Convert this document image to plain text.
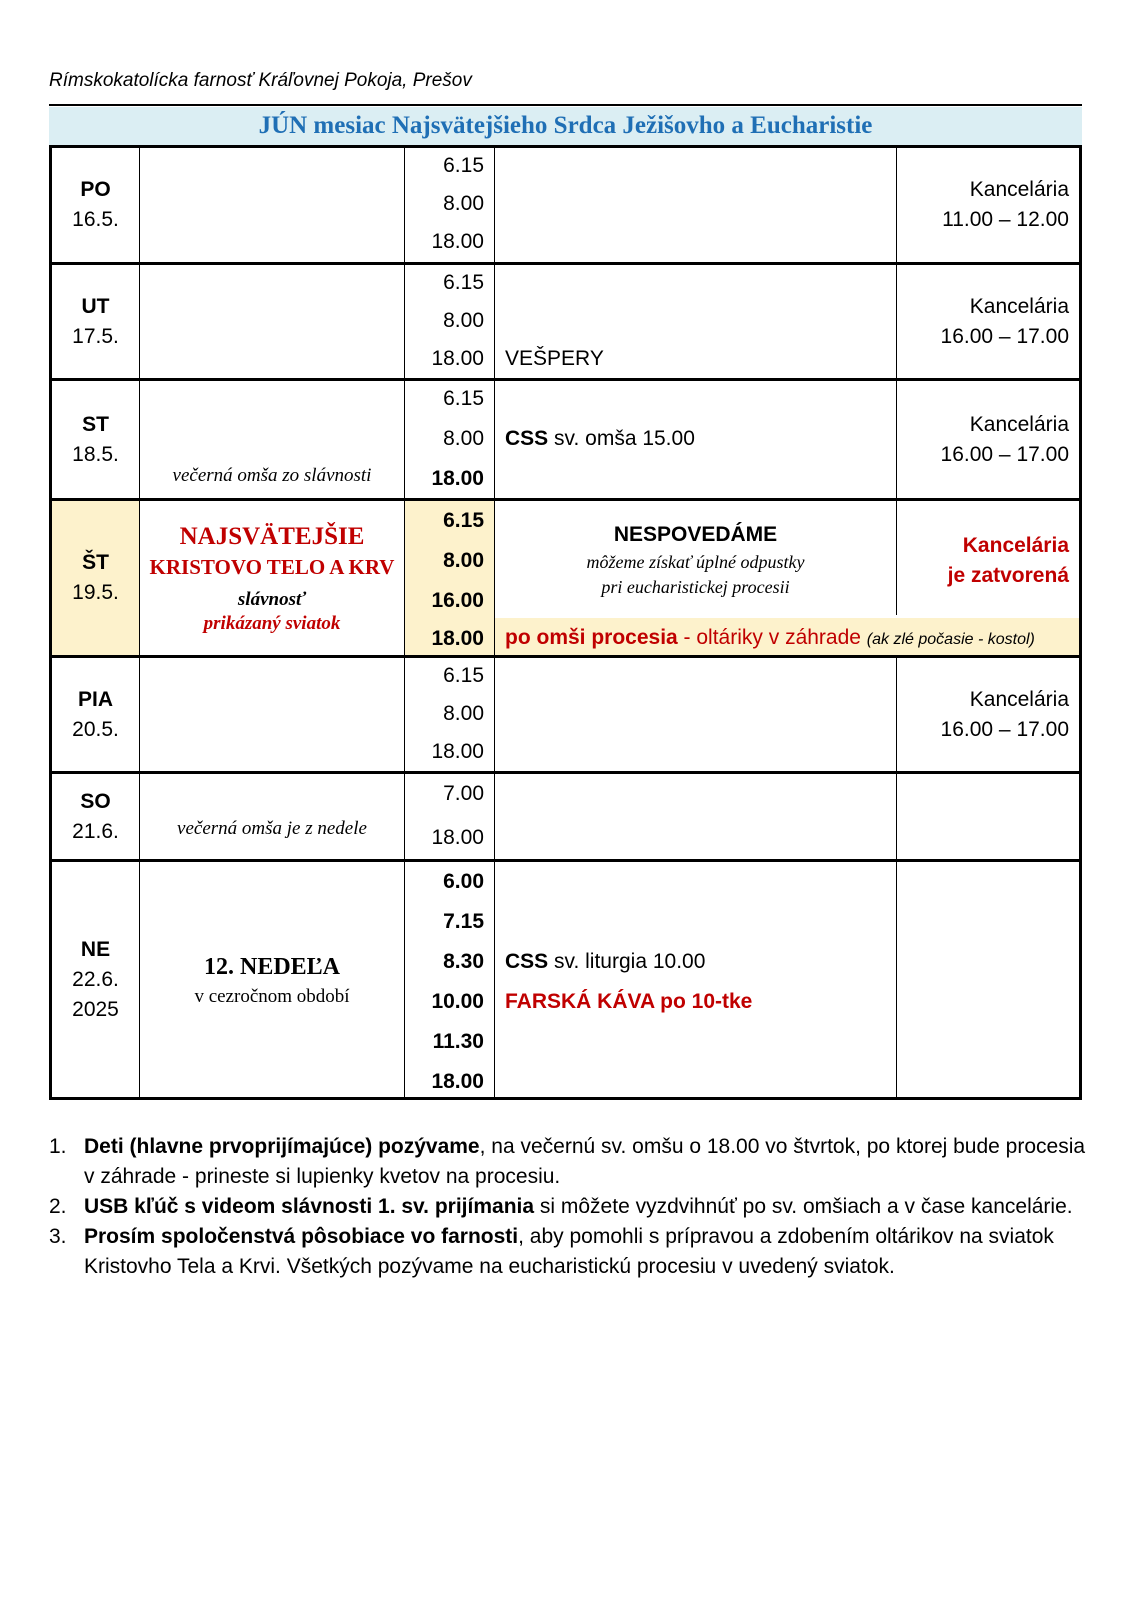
Rímskokatolícka farnosť Kráľovnej Pokoja, Prešov
JÚN mesiac Najsvätejšieho Srdca Ježišovho a Eucharistie
PO
16.5.
6.15
8.00
18.00
Kancelária
11.00 – 12.00
UT
17.5.
6.15
8.00
18.00 VEŠPERY
Kancelária
16.00 – 17.00
ST
18.5.
večerná omša zo slávnosti
6.15
8.00
18.00
CSS sv. omša 15.00
Kancelária
16.00 – 17.00
ŠT
19.5.
NAJSVÄTEJŠIE
KRISTOVO TELO A KRV
slávnosť
prikázaný sviatok
6.15
8.00
16.00
18.00
NESPOVEDÁME
môžeme získať úplné odpustky
pri eucharistickej procesii
Kancelária
je zatvorená
po omši procesia - oltáriky v záhrade (ak zlé počasie - kostol)
PIA
20.5.
6.15
8.00
18.00
Kancelária
16.00 – 17.00
SO
21.6.	večerná omša je z nedele
7.00
18.00
NE
22.6.
2025
12. NEDEĽA
v cezročnom období
6.00
7.15
8.30
10.00
11.30
18.00
CSS sv. liturgia 10.00
FARSKÁ KÁVA po 10-tke
1. Deti (hlavne prvoprijímajúce) pozývame, na večernú sv. omšu o 18.00 vo štvrtok, po ktorej bude procesia v záhrade - prineste si lupienky kvetov na procesiu.
2. USB kľúč s videom slávnosti 1. sv. prijímania si môžete vyzdvihnúť po sv. omšiach a v čase kancelárie.
3. Prosím spoločenstvá pôsobiace vo farnosti, aby pomohli s prípravou a zdobením oltárikov na sviatok Kristovho Tela a Krvi. Všetkých pozývame na eucharistickú procesiu v uvedený sviatok.
